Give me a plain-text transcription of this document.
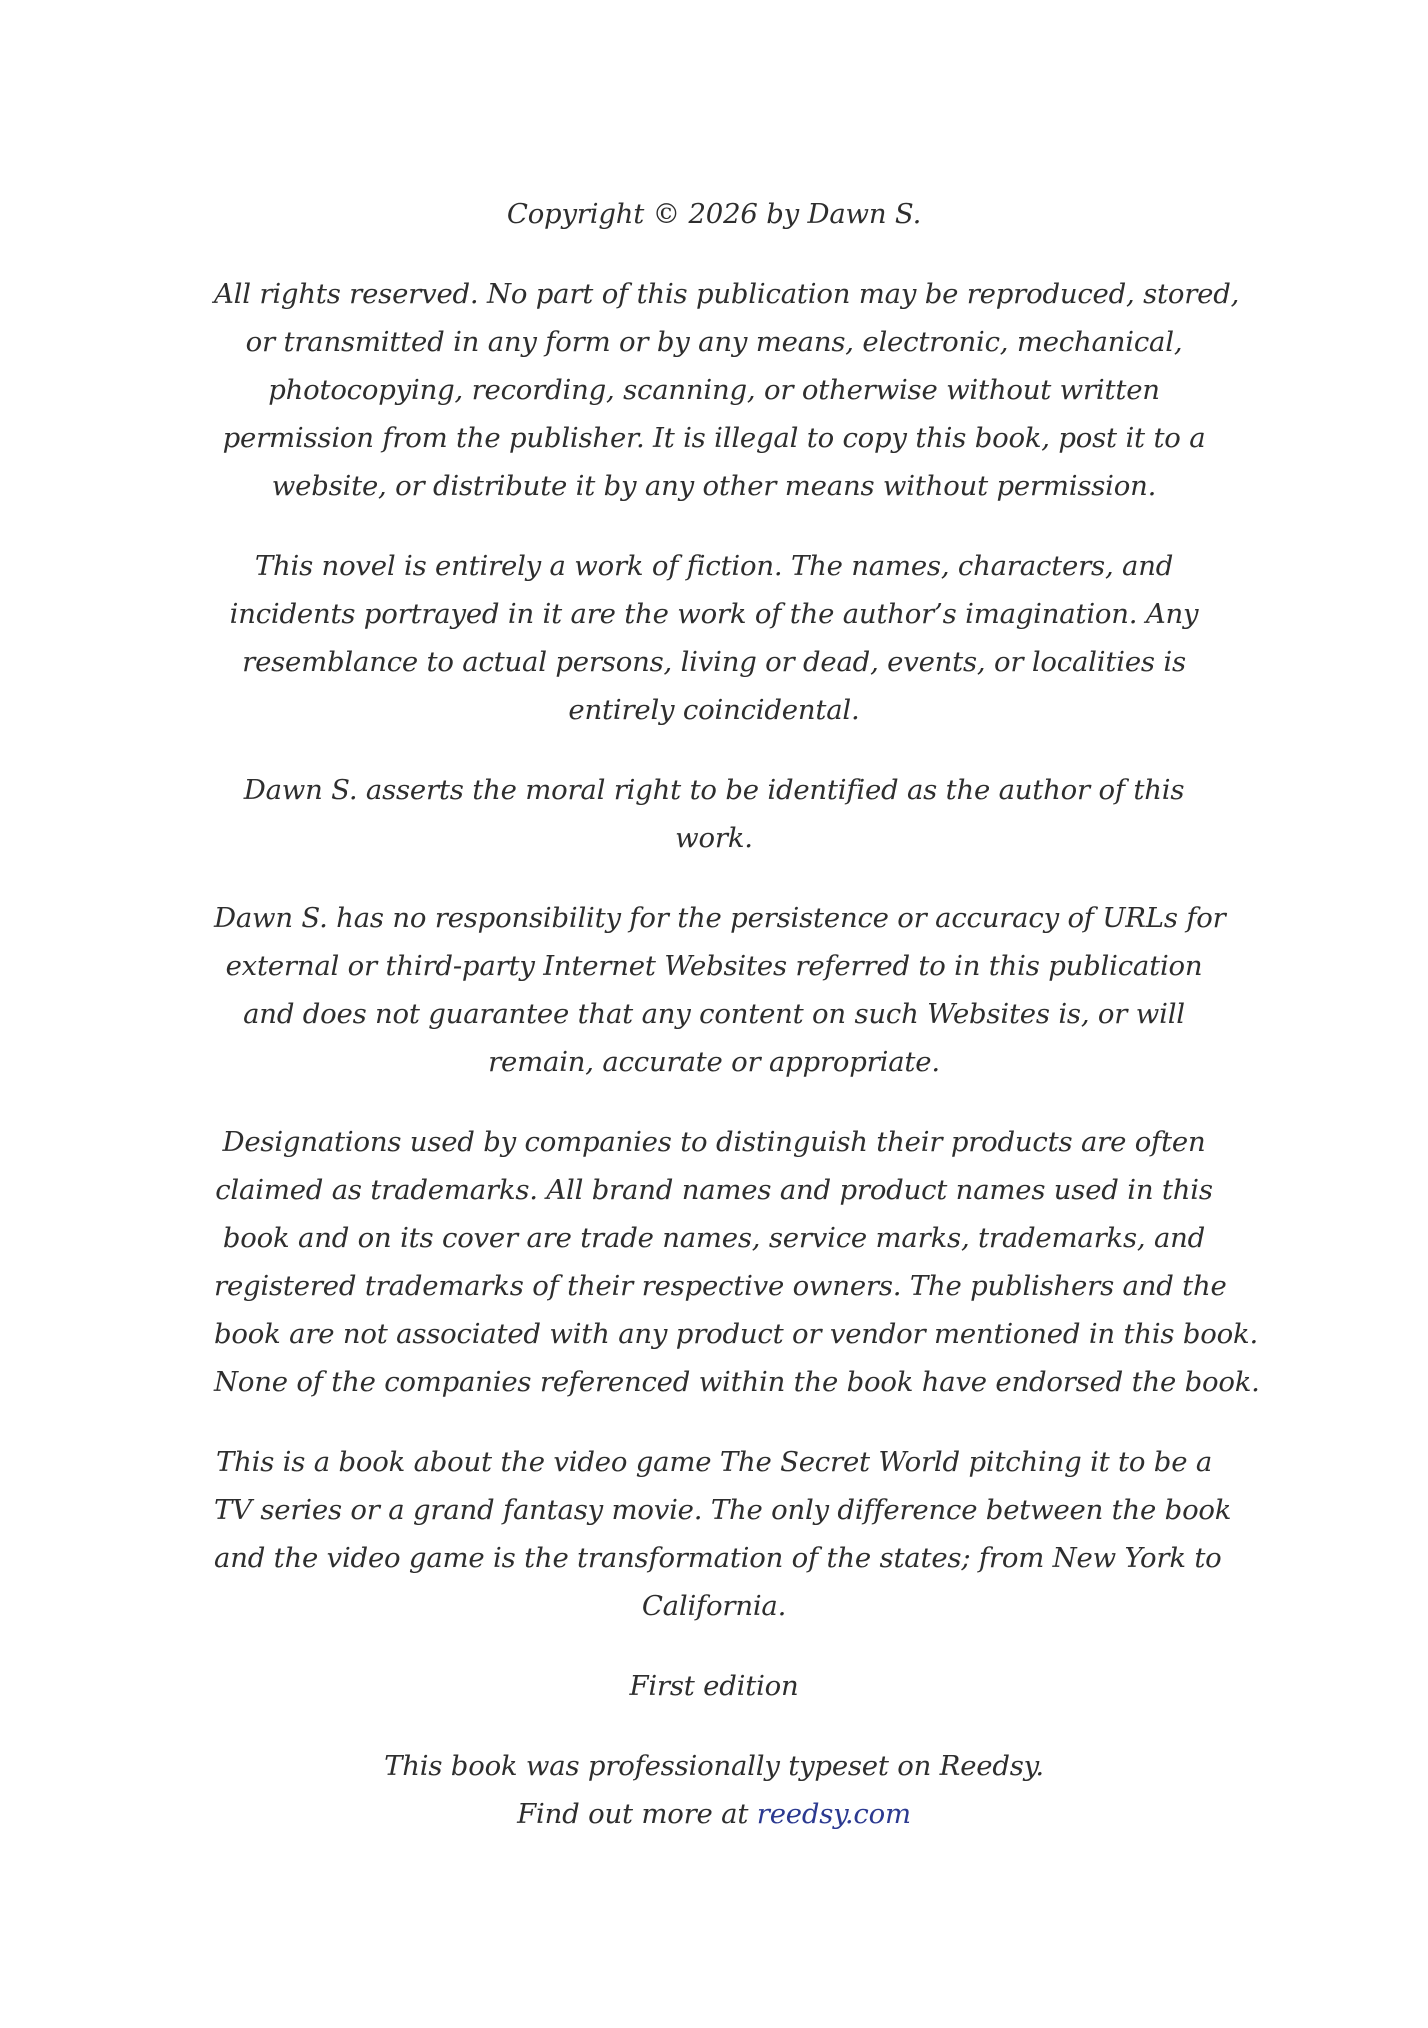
Copyright © 2026 by Dawn S.

All rights reserved. No part of this publication may be reproduced, stored,
or transmitted in any form or by any means, electronic, mechanical,
photocopying, recording, scanning, or otherwise without written
permission from the publisher. It is illegal to copy this book, post it to a
website, or distribute it by any other means without permission.

This novel is entirely a work of fiction. The names, characters, and
incidents portrayed in it are the work of the author’s imagination. Any
resemblance to actual persons, living or dead, events, or localities is
entirely coincidental.

Dawn S. asserts the moral right to be identified as the author of this work.

Dawn S. has no responsibility for the persistence or accuracy of URLs for
external or third-party Internet Websites referred to in this publication
and does not guarantee that any content on such Websites is, or will
remain, accurate or appropriate.

Designations used by companies to distinguish their products are often
claimed as trademarks. All brand names and product names used in this
book and on its cover are trade names, service marks, trademarks, and
registered trademarks of their respective owners. The publishers and the
book are not associated with any product or vendor mentioned in this book.
None of the companies referenced within the book have endorsed the book.

This is a book about the video game The Secret World pitching it to be a
TV series or a grand fantasy movie. The only difference between the book
and the video game is the transformation of the states; from New York to
California.

First edition

This book was professionally typeset on Reedsy.
Find out more at reedsy.com
